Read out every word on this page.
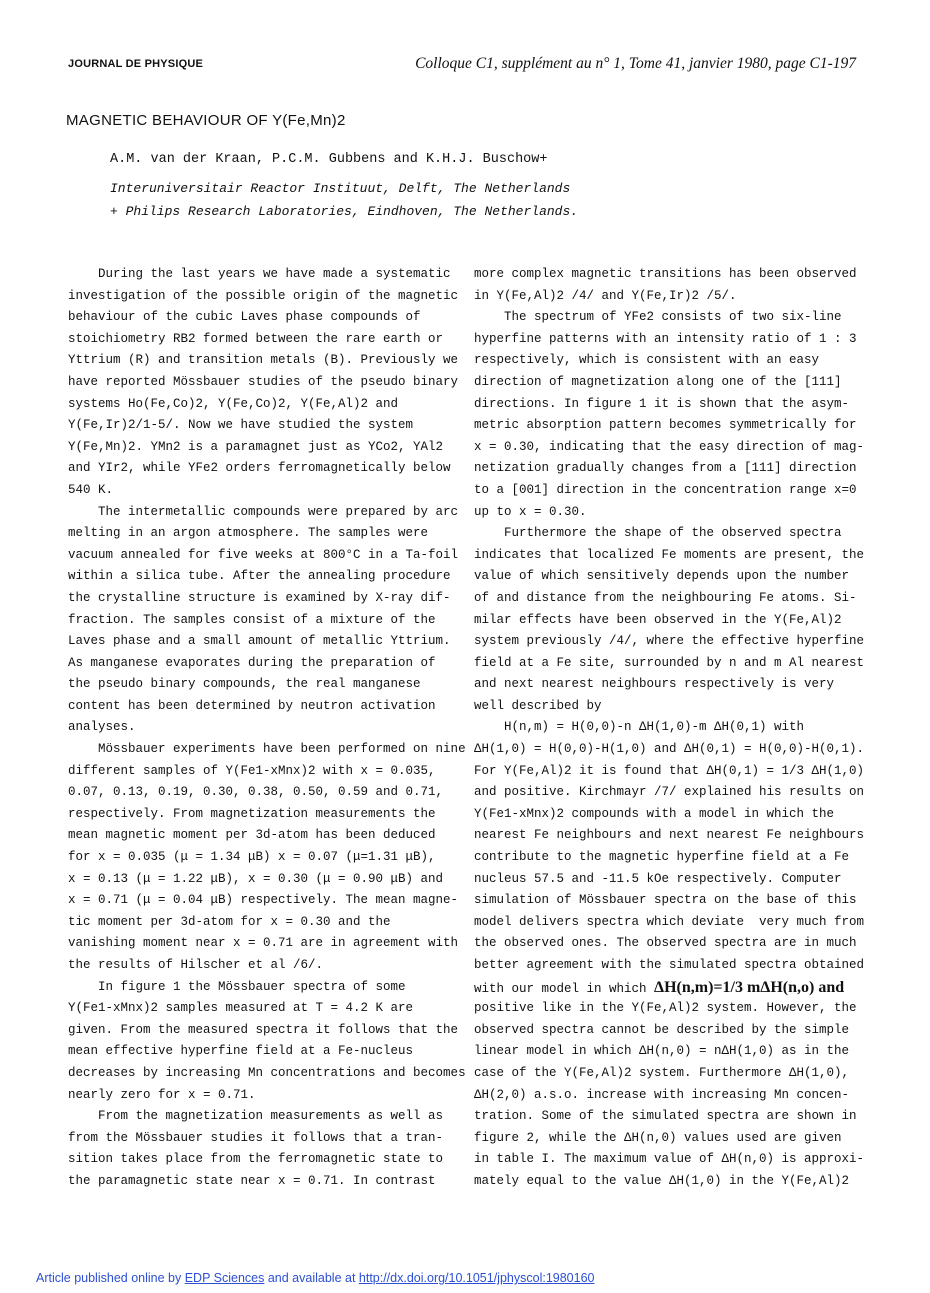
JOURNAL DE PHYSIQUE	Colloque C1, supplément au n° 1, Tome 41, janvier 1980, page C1-197
MAGNETIC BEHAVIOUR OF Y(Fe,Mn)2
A.M. van der Kraan, P.C.M. Gubbens and K.H.J. Buschow+
Interuniversitair Reactor Instituut, Delft, The Netherlands
+ Philips Research Laboratories, Eindhoven, The Netherlands.
During the last years we have made a systematic
investigation of the possible origin of the magnetic
behaviour of the cubic Laves phase compounds of
stoichiometry RB2 formed between the rare earth or
Yttrium (R) and transition metals (B). Previously we
have reported Mössbauer studies of the pseudo binary
systems Ho(Fe,Co)2, Y(Fe,Co)2, Y(Fe,Al)2 and
Y(Fe,Ir)2/1-5/. Now we have studied the system
Y(Fe,Mn)2. YMn2 is a paramagnet just as YCo2, YAl2
and YIr2, while YFe2 orders ferromagnetically below
540 K.
The intermetallic compounds were prepared by arc
melting in an argon atmosphere. The samples were
vacuum annealed for five weeks at 800°C in a Ta-foil
within a silica tube. After the annealing procedure
the crystalline structure is examined by X-ray dif-
fraction. The samples consist of a mixture of the
Laves phase and a small amount of metallic Yttrium.
As manganese evaporates during the preparation of
the pseudo binary compounds, the real manganese
content has been determined by neutron activation
analyses.
Mössbauer experiments have been performed on nine
different samples of Y(Fe1-xMnx)2 with x = 0.035,
0.07, 0.13, 0.19, 0.30, 0.38, 0.50, 0.59 and 0.71,
respectively. From magnetization measurements the
mean magnetic moment per 3d-atom has been deduced
for x = 0.035 (μ = 1.34 μB) x = 0.07 (μ=1.31 μB),
x = 0.13 (μ = 1.22 μB), x = 0.30 (μ = 0.90 μB) and
x = 0.71 (μ = 0.04 μB) respectively. The mean magne-
tic moment per 3d-atom for x = 0.30 and the
vanishing moment near x = 0.71 are in agreement with
the results of Hilscher et al /6/.
In figure 1 the Mössbauer spectra of some
Y(Fe1-xMnx)2 samples measured at T = 4.2 K are
given. From the measured spectra it follows that the
mean effective hyperfine field at a Fe-nucleus
decreases by increasing Mn concentrations and becomes
nearly zero for x = 0.71.
From the magnetization measurements as well as
from the Mössbauer studies it follows that a tran-
sition takes place from the ferromagnetic state to
the paramagnetic state near x = 0.71. In contrast
more complex magnetic transitions has been observed
in Y(Fe,Al)2 /4/ and Y(Fe,Ir)2 /5/.
The spectrum of YFe2 consists of two six-line
hyperfine patterns with an intensity ratio of 1 : 3
respectively, which is consistent with an easy
direction of magnetization along one of the [111]
directions. In figure 1 it is shown that the asym-
metric absorption pattern becomes symmetrically for
x = 0.30, indicating that the easy direction of mag-
netization gradually changes from a [111] direction
to a [001] direction in the concentration range x=0
up to x = 0.30.
Furthermore the shape of the observed spectra
indicates that localized Fe moments are present, the
value of which sensitively depends upon the number
of and distance from the neighbouring Fe atoms. Si-
milar effects have been observed in the Y(Fe,Al)2
system previously /4/, where the effective hyperfine
field at a Fe site, surrounded by n and m Al nearest
and next nearest neighbours respectively is very
well described by
H(n,m) = H(0,0)-n ΔH(1,0)-m ΔH(0,1) with
ΔH(1,0) = H(0,0)-H(1,0) and ΔH(0,1) = H(0,0)-H(0,1).
For Y(Fe,Al)2 it is found that ΔH(0,1) = 1/3 ΔH(1,0)
and positive. Kirchmayr /7/ explained his results on
Y(Fe1-xMnx)2 compounds with a model in which the
nearest Fe neighbours and next nearest Fe neighbours
contribute to the magnetic hyperfine field at a Fe
nucleus 57.5 and -11.5 kOe respectively. Computer
simulation of Mössbauer spectra on the base of this
model delivers spectra which deviate  very much from
the observed ones. The observed spectra are in much
better agreement with the simulated spectra obtained
with our model in which ΔH(n,m)=1/3 mΔH(n,o) and
positive like in the Y(Fe,Al)2 system. However, the
observed spectra cannot be described by the simple
linear model in which ΔH(n,0) = nΔH(1,0) as in the
case of the Y(Fe,Al)2 system. Furthermore ΔH(1,0),
ΔH(2,0) a.s.o. increase with increasing Mn concen-
tration. Some of the simulated spectra are shown in
figure 2, while the ΔH(n,0) values used are given
in table I. The maximum value of ΔH(n,0) is approxi-
mately equal to the value ΔH(1,0) in the Y(Fe,Al)2
Article published online by EDP Sciences and available at http://dx.doi.org/10.1051/jphyscol:1980160
